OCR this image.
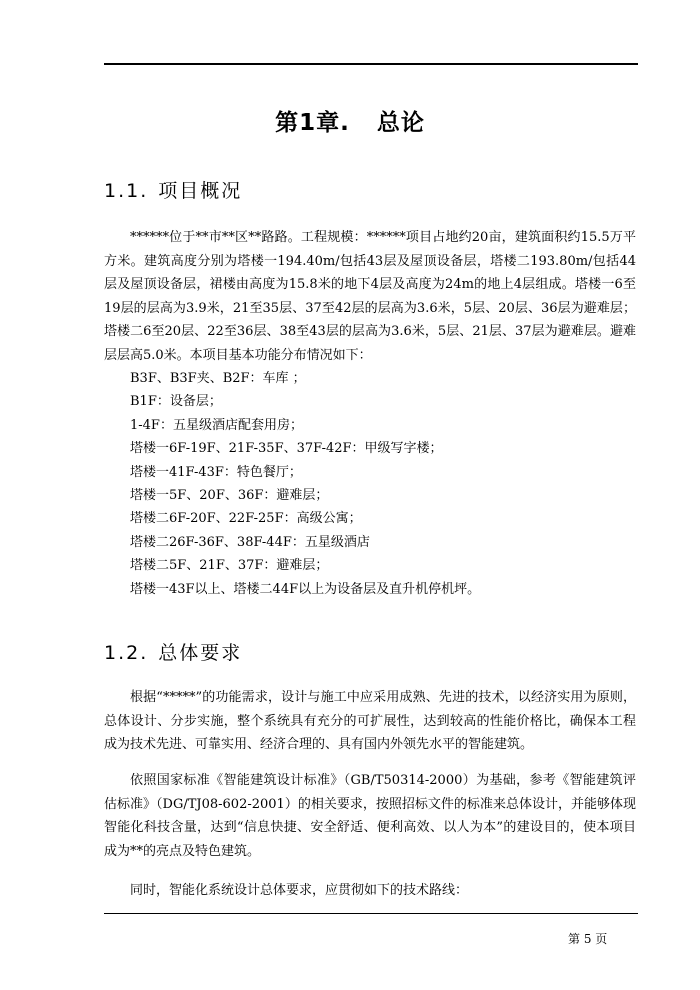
第1章.   总论
1.1. 项目概况
******位于**市**区**路路。工程规模：******项目占地约20亩，建筑面积约15.5万平方米。建筑高度分别为塔楼一194.40m/包括43层及屋顶设备层，塔楼二193.80m/包括44层及屋顶设备层，裙楼由高度为15.8米的地下4层及高度为24m的地上4层组成。塔楼一6至19层的层高为3.9米，21至35层、37至42层的层高为3.6米，5层、20层、36层为避难层；塔楼二6至20层、22至36层、38至43层的层高为3.6米，5层、21层、37层为避难层。避难层层高5.0米。本项目基本功能分布情况如下：
B3F、B3F夹、B2F：车库 ；
B1F：设备层；
1-4F：五星级酒店配套用房；
塔楼一6F-19F、21F-35F、37F-42F：甲级写字楼；
塔楼一41F-43F：特色餐厅；
塔楼一5F、20F、36F：避难层；
塔楼二6F-20F、22F-25F：高级公寓；
塔楼二26F-36F、38F-44F：五星级酒店
塔楼二5F、21F、37F：避难层；
塔楼一43F以上、塔楼二44F以上为设备层及直升机停机坪。
1.2. 总体要求
根据“*****”的功能需求，设计与施工中应采用成熟、先进的技术，以经济实用为原则，总体设计、分步实施，整个系统具有充分的可扩展性，达到较高的性能价格比，确保本工程成为技术先进、可靠实用、经济合理的、具有国内外领先水平的智能建筑。
依照国家标准《智能建筑设计标准》（GB/T50314-2000）为基础，参考《智能建筑评估标准》（DG/TJ08-602-2001）的相关要求，按照招标文件的标准来总体设计，并能够体现智能化科技含量，达到“信息快捷、安全舒适、便利高效、以人为本”的建设目的，使本项目成为**的亮点及特色建筑。
同时，智能化系统设计总体要求，应贯彻如下的技术路线：
第 5 页
